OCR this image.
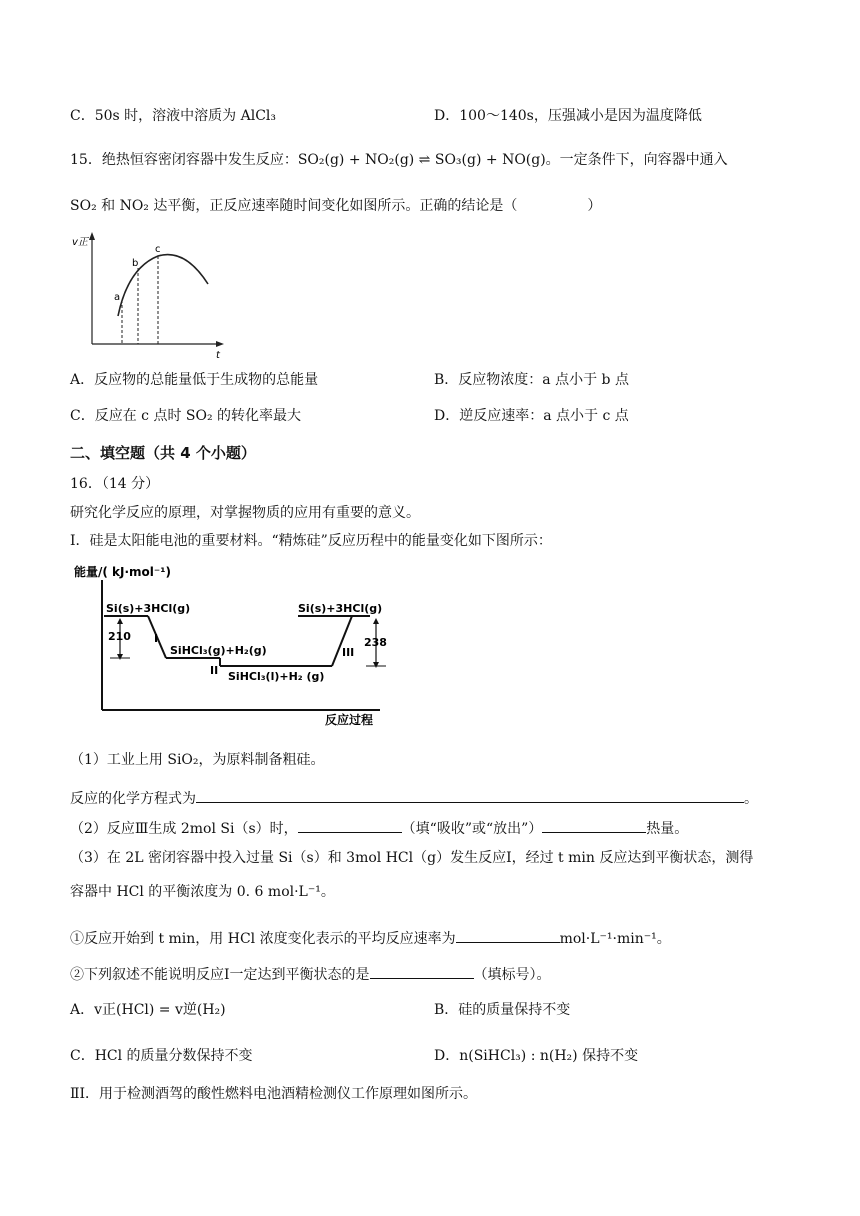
C．50s 时，溶液中溶质为 AlCl₃	D．100～140s，压强减小是因为温度降低
15．绝热恒容密闭容器中发生反应：SO₂(g) + NO₂(g) ⇌ SO₃(g) + NO(g)。一定条件下，向容器中通入
SO₂ 和 NO₂ 达平衡，正反应速率随时间变化如图所示。正确的结论是（	）
v正
t
a
b
c
A．反应物的总能量低于生成物的总能量	B．反应物浓度：a 点小于 b 点
C．反应在 c 点时 SO₂ 的转化率最大	D．逆反应速率：a 点小于 c 点
二、填空题（共 4 个小题）
16．（14 分）
研究化学反应的原理，对掌握物质的应用有重要的意义。
Ⅰ．硅是太阳能电池的重要材料。“精炼硅”反应历程中的能量变化如下图所示：
能量/( kJ·mol⁻¹)
反应过程
Si(s)+3HCl(g)	Si(s)+3HCl(g)
SiHCl₃(g)+H₂(g)
SiHCl₃(l)+H₂ (g)
210	238
I
II
III
（1）工业上用 SiO₂，为原料制备粗硅。
反应的化学方程式为	。
（2）反应Ⅲ生成 2mol Si（s）时，	（填“吸收”或“放出”）	热量。
（3）在 2L 密闭容器中投入过量 Si（s）和 3mol HCl（g）发生反应Ⅰ，经过 t min 反应达到平衡状态，测得
容器中 HCl 的平衡浓度为 0. 6 mol·L⁻¹。
①反应开始到 t min，用 HCl 浓度变化表示的平均反应速率为	mol·L⁻¹·min⁻¹。
②下列叙述不能说明反应Ⅰ一定达到平衡状态的是	（填标号）。
A．v正(HCl) = v逆(H₂)	B．硅的质量保持不变
C．HCl 的质量分数保持不变	D．n(SiHCl₃) : n(H₂) 保持不变
ⅡI．用于检测酒驾的酸性燃料电池酒精检测仪工作原理如图所示。
